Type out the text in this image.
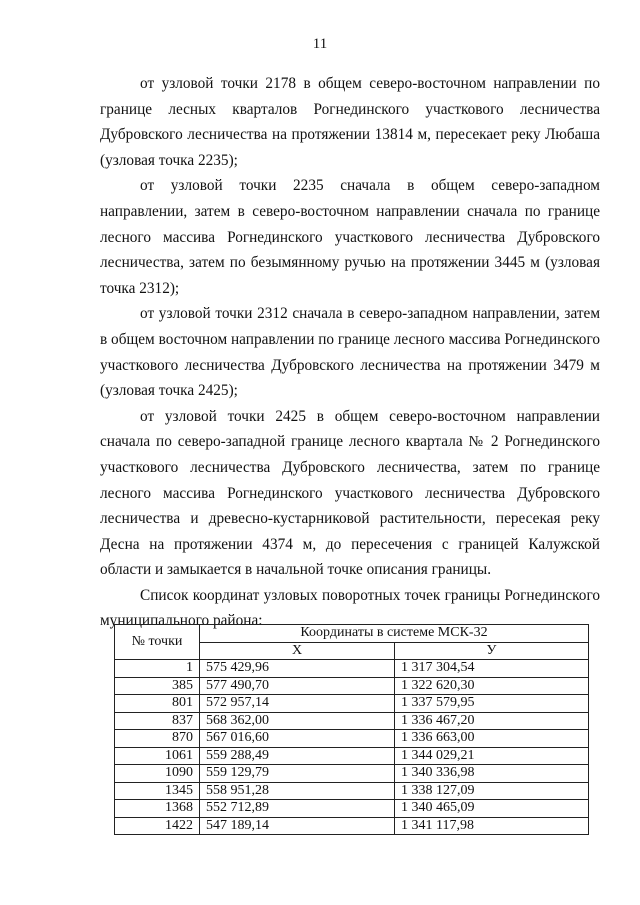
11

от узловой точки 2178 в общем северо-восточном направлении по границе лесных кварталов Рогнединского участкового лесничества Дубровского лесничества на протяжении 13814 м, пересекает реку Любаша (узловая точка 2235);

от узловой точки 2235 сначала в общем северо-западном направлении, затем в северо-восточном направлении сначала по границе лесного массива Рогнединского участкового лесничества Дубровского лесничества, затем по безымянному ручью на протяжении 3445 м (узловая точка 2312);

от узловой точки 2312 сначала в северо-западном направлении, затем в общем восточном направлении по границе лесного массива Рогнединского участкового лесничества Дубровского лесничества на протяжении 3479 м (узловая точка 2425);

от узловой точки 2425 в общем северо-восточном направлении сначала по северо-западной границе лесного квартала № 2 Рогнединского участкового лесничества Дубровского лесничества, затем по границе лесного массива Рогнединского участкового лесничества Дубровского лесничества и древесно-кустарниковой растительности, пересекая реку Десна на протяжении 4374 м, до пересечения с границей Калужской области и замыкается в начальной точке описания границы.

Список координат узловых поворотных точек границы Рогнединского муниципального района:

№ точки	Координаты в системе МСК-32	
	X	У
1	575 429,96	1 317 304,54
385	577 490,70	1 322 620,30
801	572 957,14	1 337 579,95
837	568 362,00	1 336 467,20
870	567 016,60	1 336 663,00
1061	559 288,49	1 344 029,21
1090	559 129,79	1 340 336,98
1345	558 951,28	1 338 127,09
1368	552 712,89	1 340 465,09
1422	547 189,14	1 341 117,98
